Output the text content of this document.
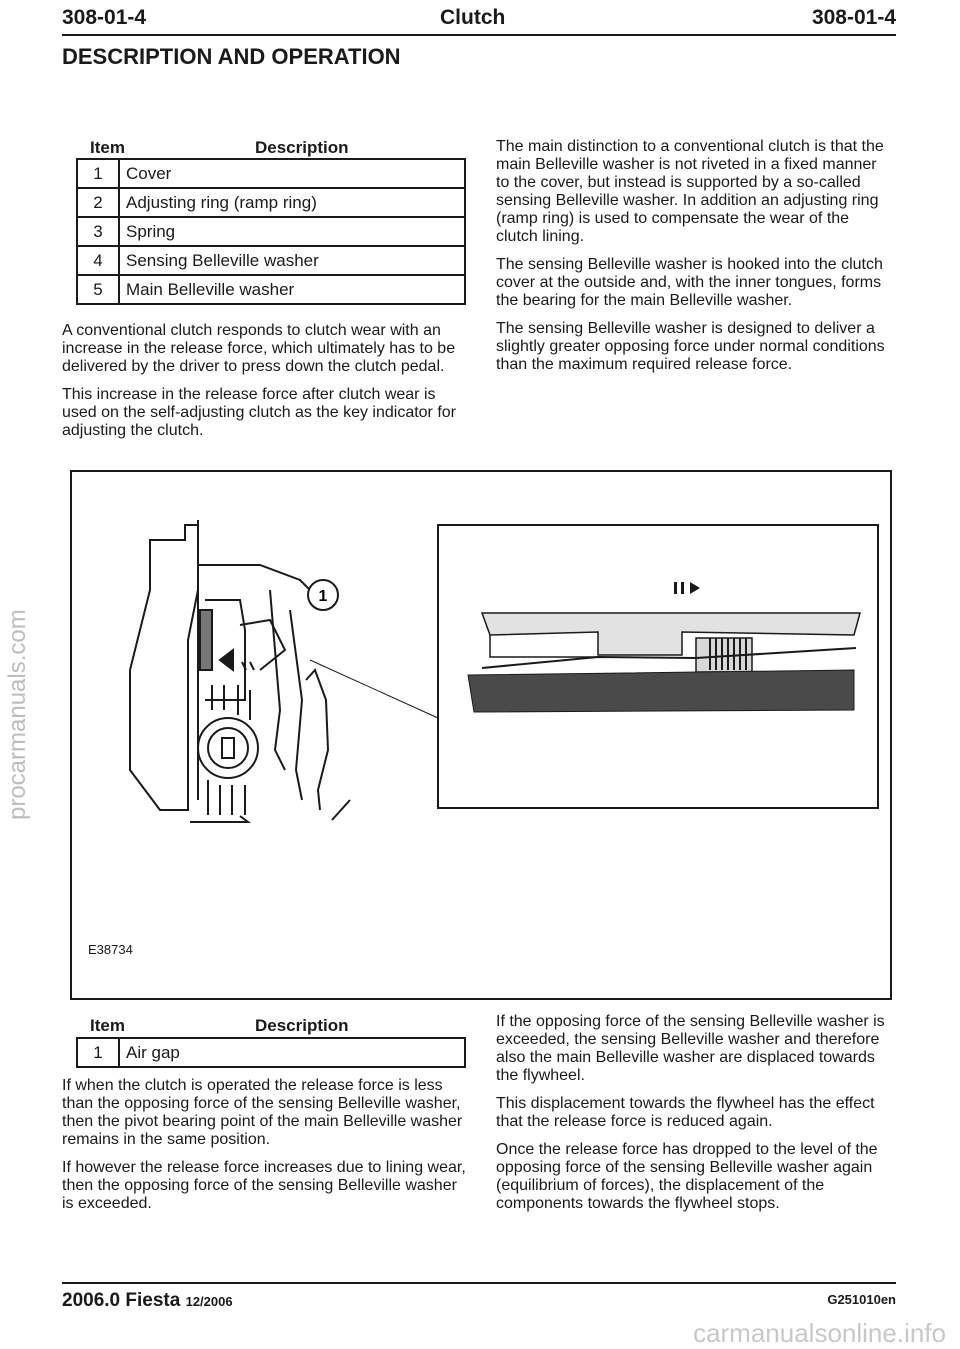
308-01-4	Clutch	308-01-4
DESCRIPTION AND OPERATION
Item	Description
1	Cover
2	Adjusting ring (ramp ring)
3	Spring
4	Sensing Belleville washer
5	Main Belleville washer

A conventional clutch responds to clutch wear with an increase in the release force, which ultimately has to be delivered by the driver to press down the clutch pedal.

This increase in the release force after clutch wear is used on the self-adjusting clutch as the key indicator for adjusting the clutch.

The main distinction to a conventional clutch is that the main Belleville washer is not riveted in a fixed manner to the cover, but instead is supported by a so-called sensing Belleville washer. In addition an adjusting ring (ramp ring) is used to compensate the wear of the clutch lining.

The sensing Belleville washer is hooked into the clutch cover at the outside and, with the inner tongues, forms the bearing for the main Belleville washer.

The sensing Belleville washer is designed to deliver a slightly greater opposing force under normal conditions than the maximum required release force.

1
E38734
Item	Description
1	Air gap

If when the clutch is operated the release force is less than the opposing force of the sensing Belleville washer, then the pivot bearing point of the main Belleville washer remains in the same position.

If however the release force increases due to lining wear, then the opposing force of the sensing Belleville washer is exceeded.

If the opposing force of the sensing Belleville washer is exceeded, the sensing Belleville washer and therefore also the main Belleville washer are displaced towards the flywheel.

This displacement towards the flywheel has the effect that the release force is reduced again.

Once the release force has dropped to the level of the opposing force of the sensing Belleville washer again (equilibrium of forces), the displacement of the components towards the flywheel stops.

2006.0 Fiesta 12/2006	G251010en
procarmanuals.com
carmanualsonline.info
